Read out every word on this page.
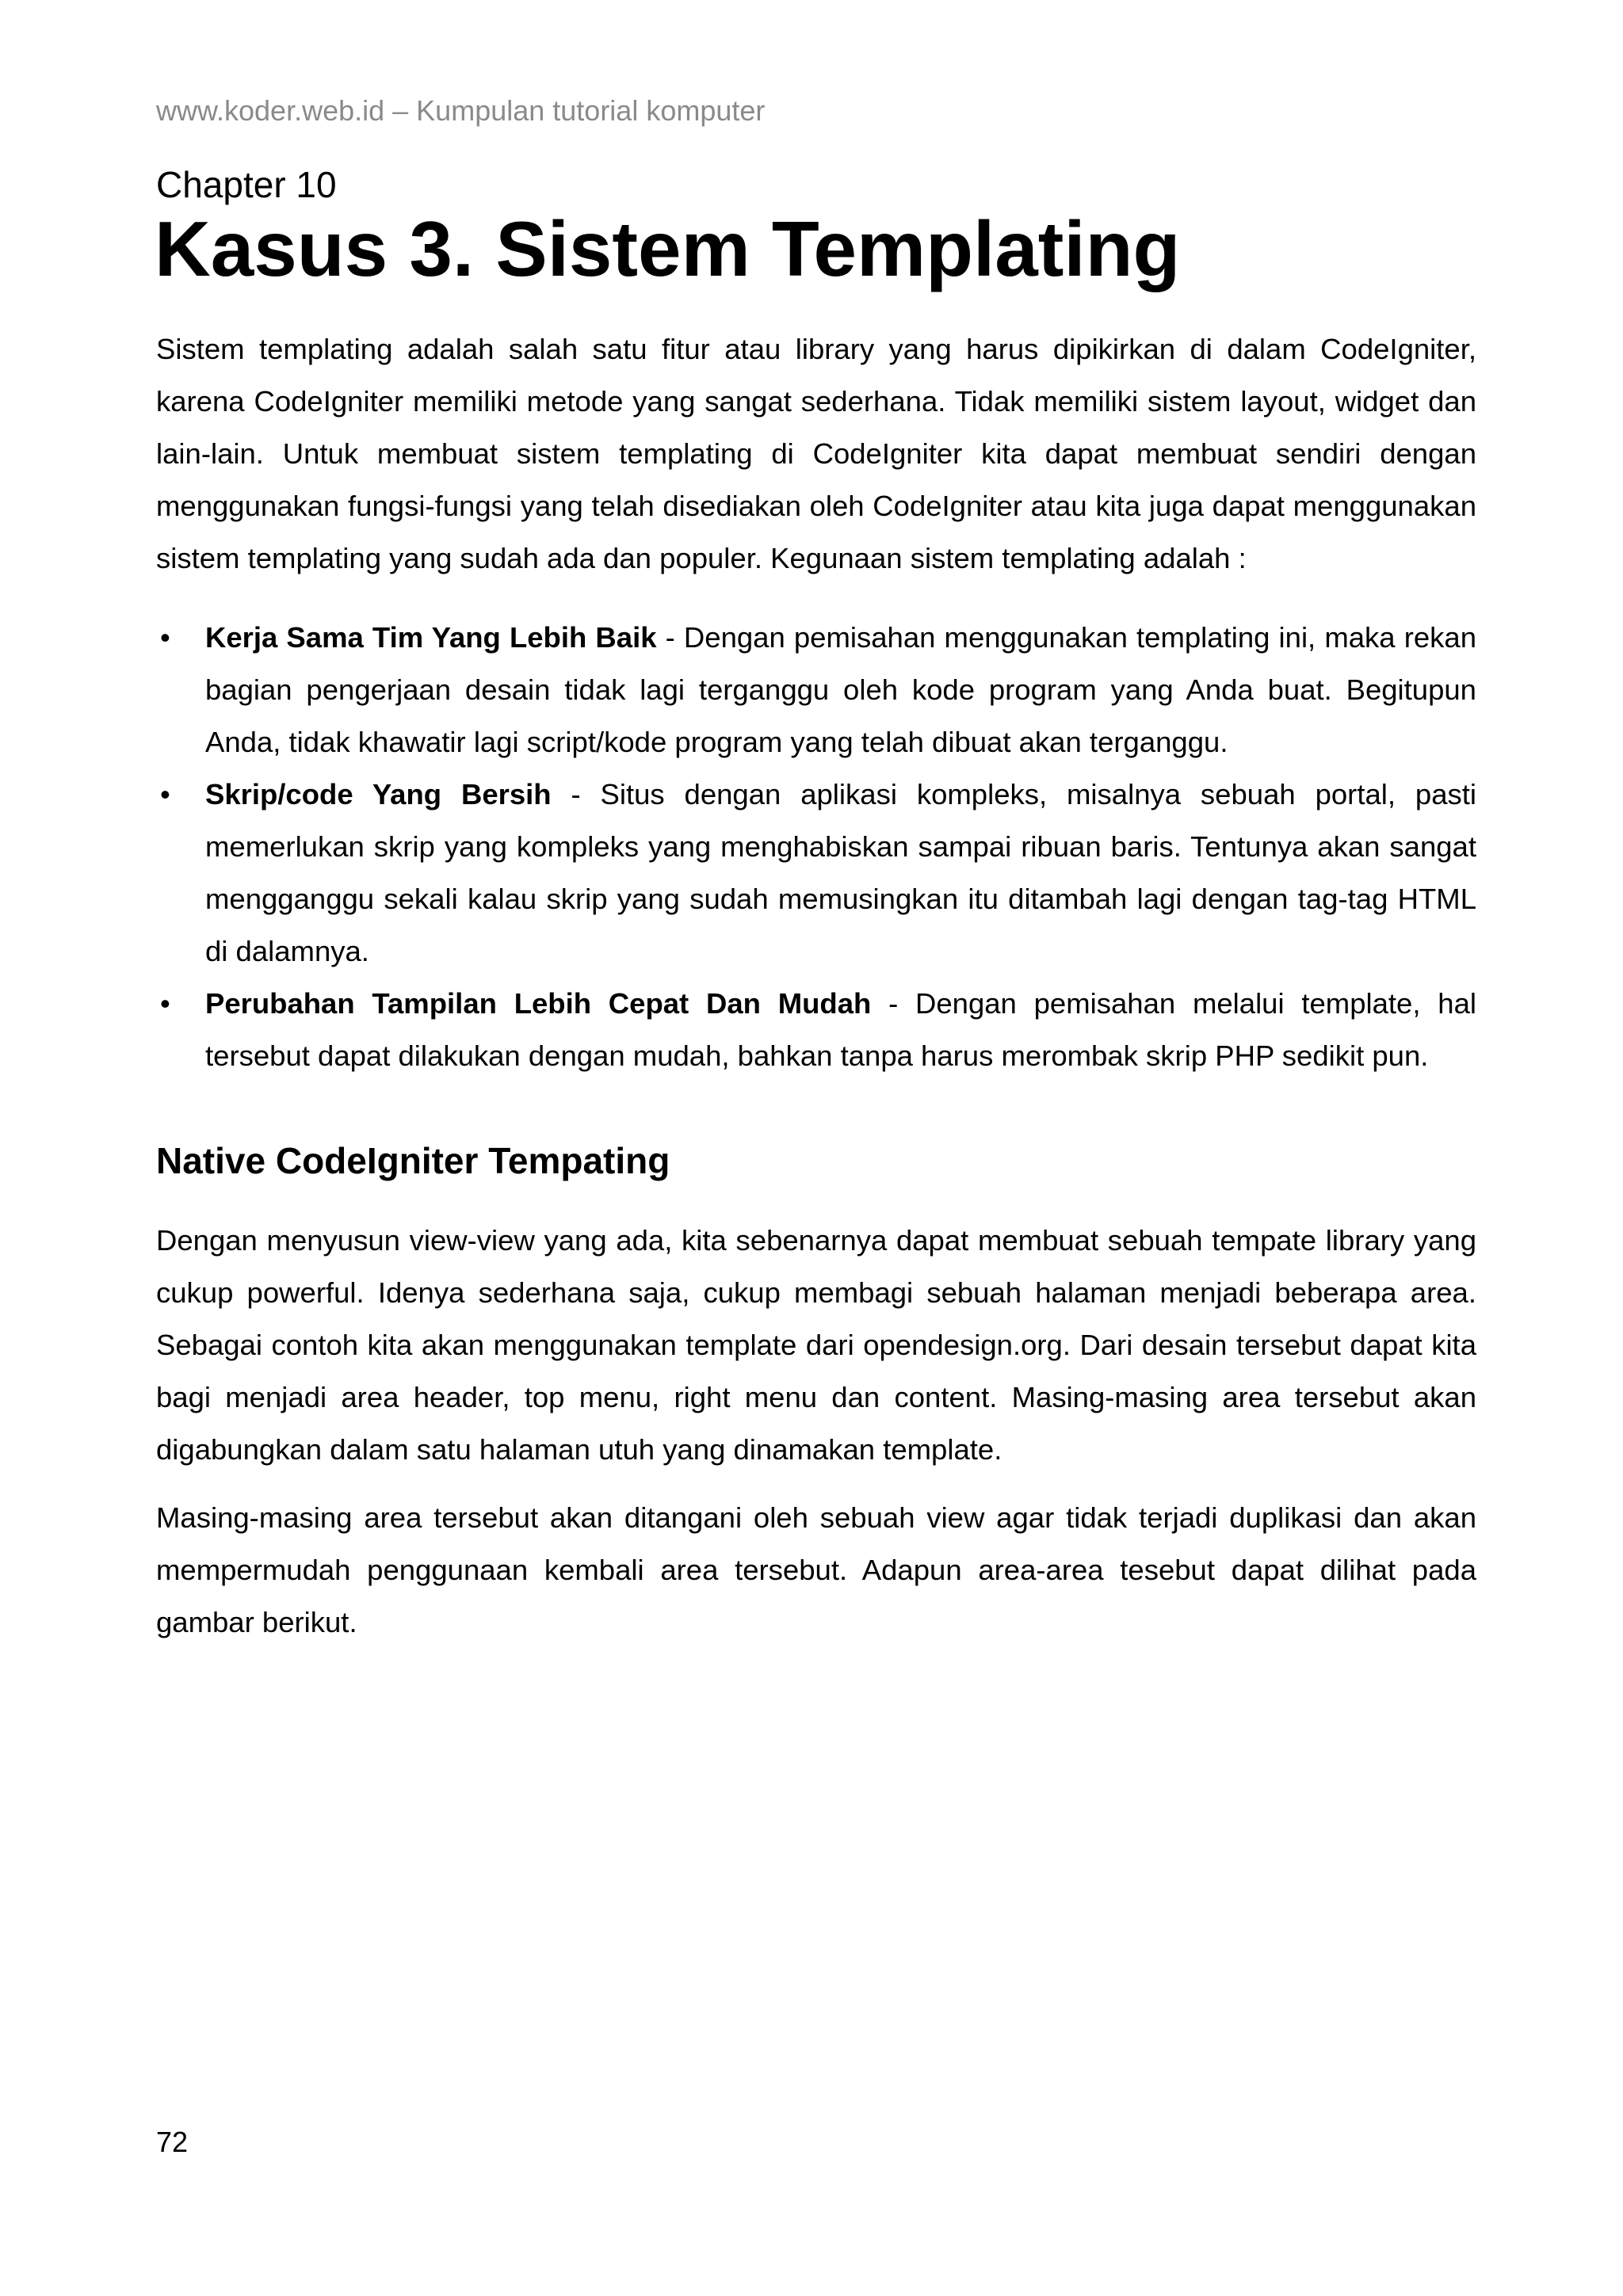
www.koder.web.id – Kumpulan tutorial komputer
Chapter 10
Kasus 3. Sistem Templating

Sistem templating adalah salah satu fitur atau library yang harus dipikirkan di dalam CodeIgniter, karena CodeIgniter memiliki metode yang sangat sederhana. Tidak memiliki sistem layout, widget dan lain-lain. Untuk membuat sistem templating di CodeIgniter kita dapat membuat sendiri dengan menggunakan fungsi-fungsi yang telah disediakan oleh CodeIgniter atau kita juga dapat menggunakan sistem templating yang sudah ada dan populer. Kegunaan sistem templating adalah :

• Kerja Sama Tim Yang Lebih Baik - Dengan pemisahan menggunakan templating ini, maka rekan bagian pengerjaan desain tidak lagi terganggu oleh kode program yang Anda buat. Begitupun Anda, tidak khawatir lagi script/kode program yang telah dibuat akan terganggu.
• Skrip/code Yang Bersih - Situs dengan aplikasi kompleks, misalnya sebuah portal, pasti memerlukan skrip yang kompleks yang menghabiskan sampai ribuan baris. Tentunya akan sangat mengganggu sekali kalau skrip yang sudah memusingkan itu ditambah lagi dengan tag-tag HTML di dalamnya.
• Perubahan Tampilan Lebih Cepat Dan Mudah - Dengan pemisahan melalui template, hal tersebut dapat dilakukan dengan mudah, bahkan tanpa harus merombak skrip PHP sedikit pun.
Native CodeIgniter Tempating

Dengan menyusun view-view yang ada, kita sebenarnya dapat membuat sebuah tempate library yang cukup powerful. Idenya sederhana saja, cukup membagi sebuah halaman menjadi beberapa area. Sebagai contoh kita akan menggunakan template dari opendesign.org. Dari desain tersebut dapat kita bagi menjadi area header, top menu, right menu dan content. Masing-masing area tersebut akan digabungkan dalam satu halaman utuh yang dinamakan template.

Masing-masing area tersebut akan ditangani oleh sebuah view agar tidak terjadi duplikasi dan akan mempermudah penggunaan kembali area tersebut. Adapun area-area tesebut dapat dilihat pada gambar berikut.

72
